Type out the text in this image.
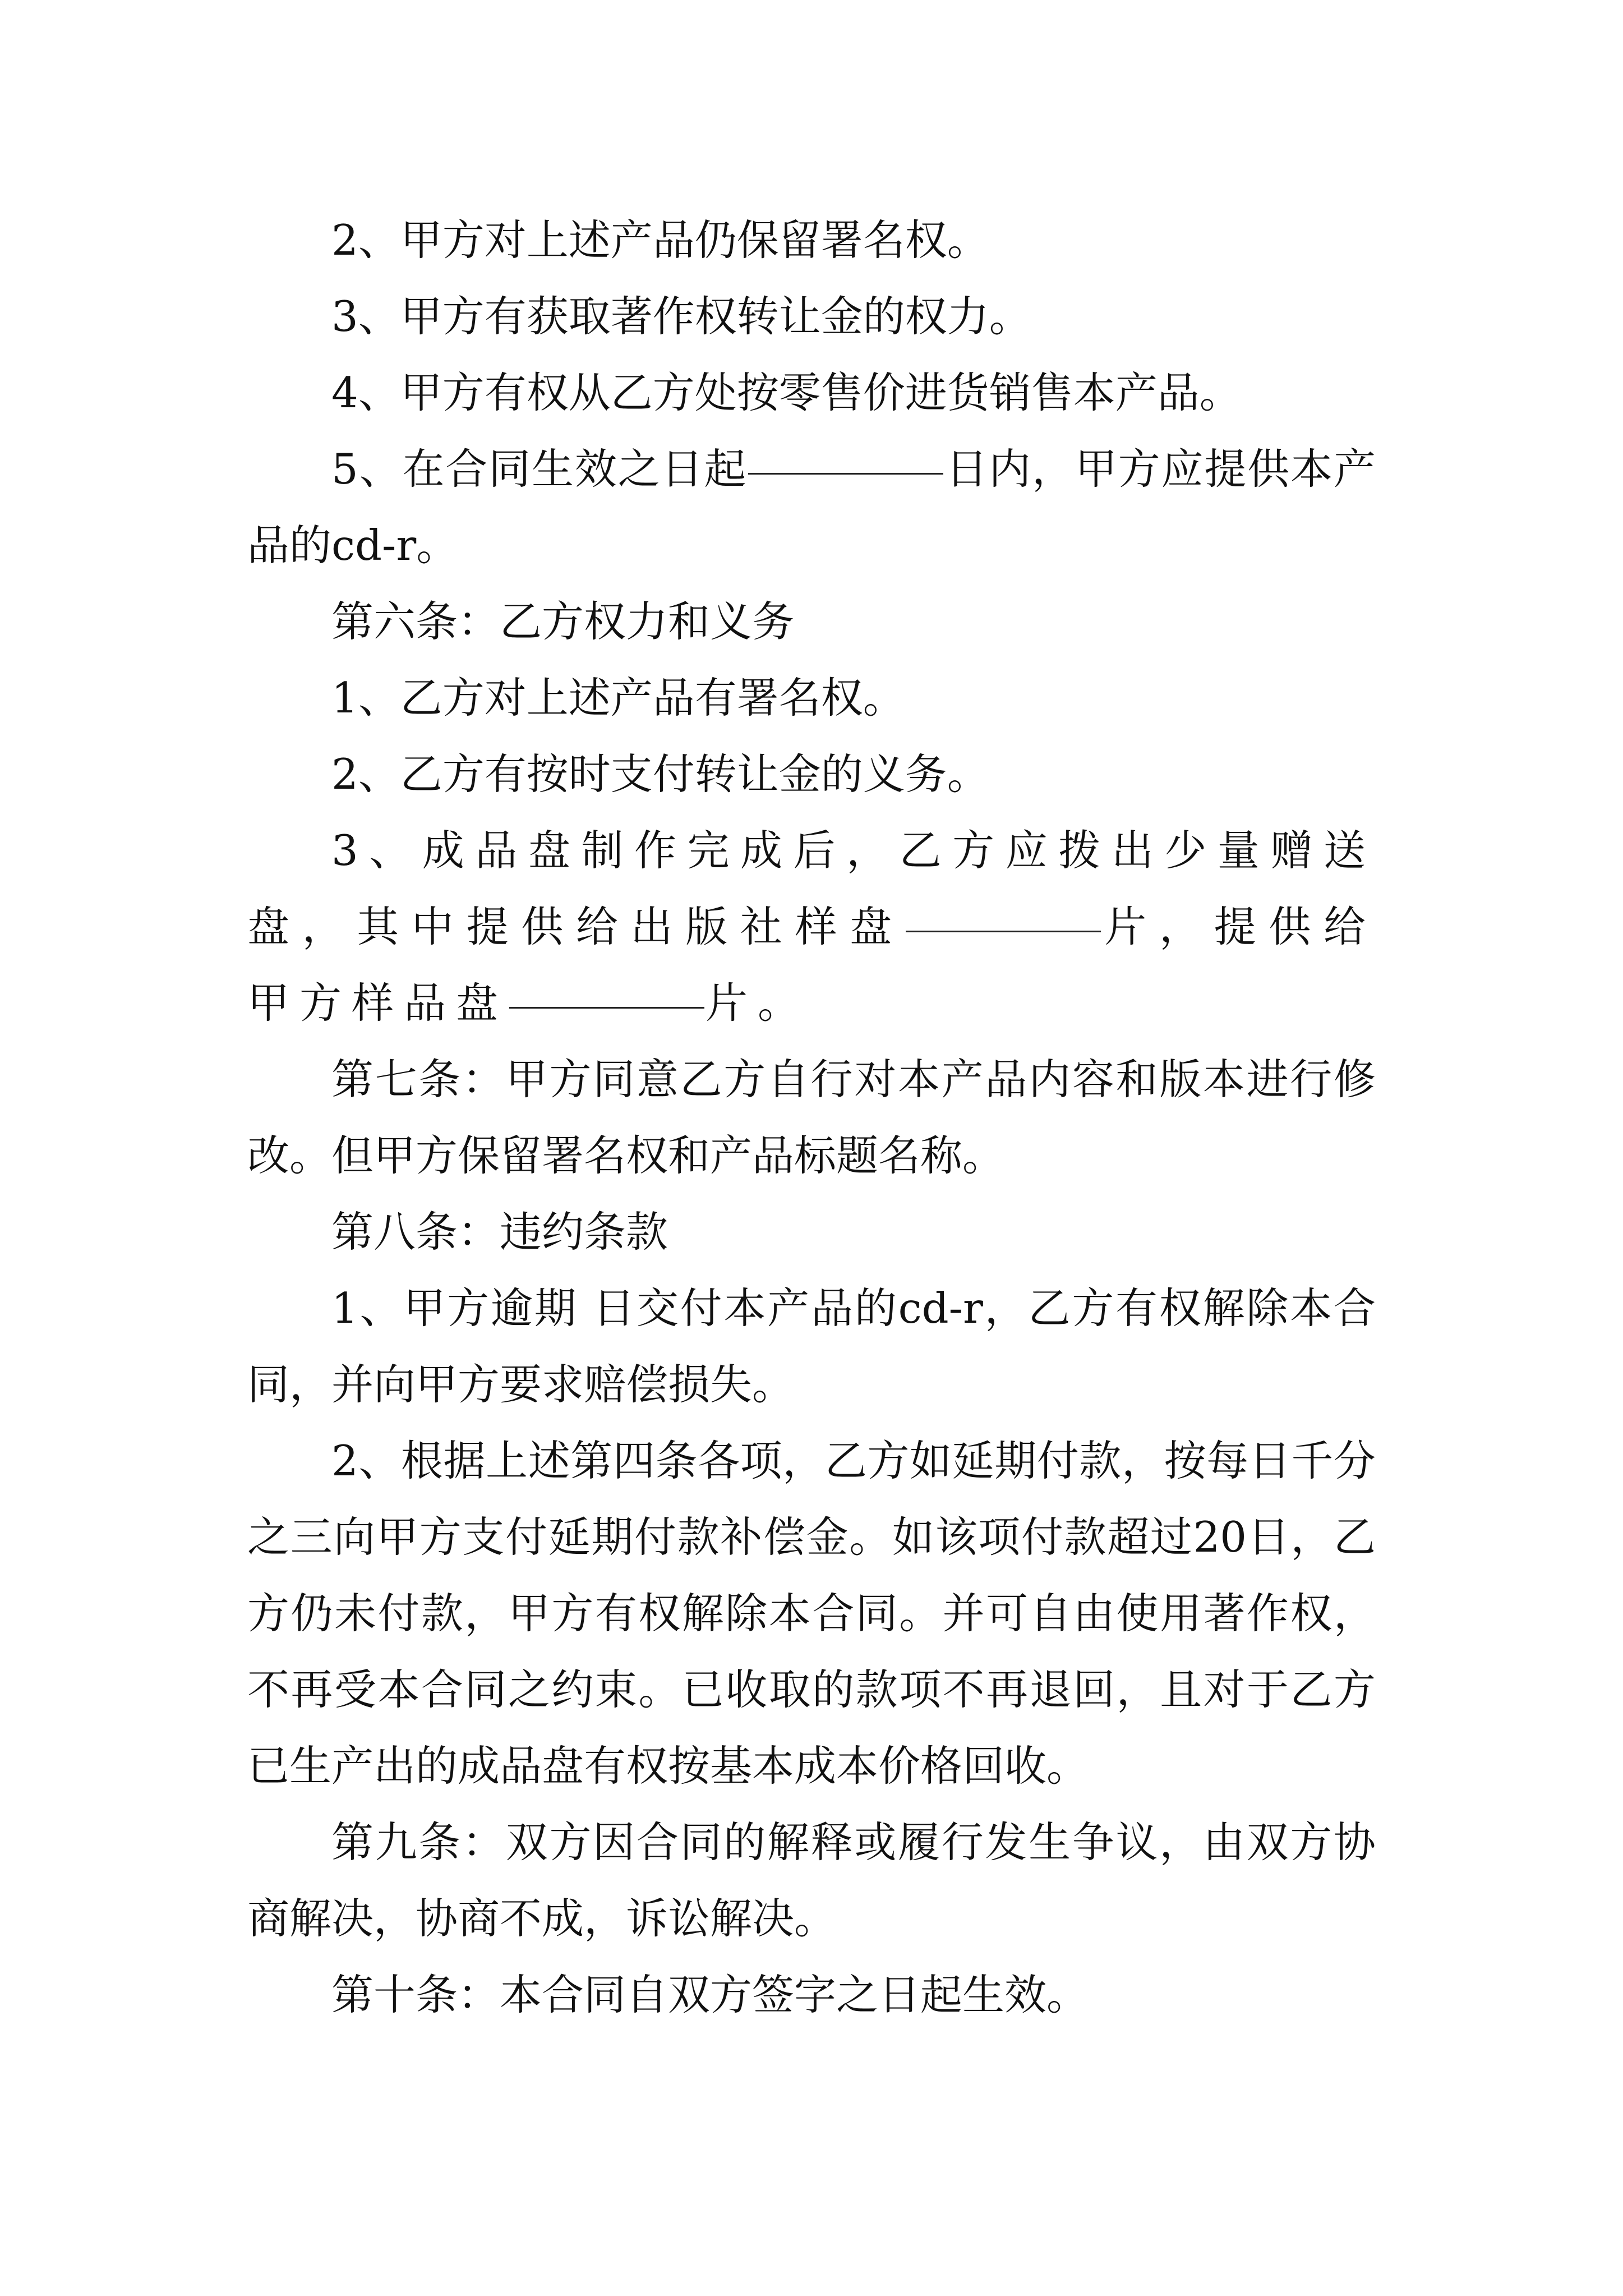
2、甲方对上述产品仍保留署名权。

3、甲方有获取著作权转让金的权力。

4、甲方有权从乙方处按零售价进货销售本产品。

5、在合同生效之日起	日内，甲方应提供本产品的cd-r。

第六条：乙方权力和义务

1、乙方对上述产品有署名权。

2、乙方有按时支付转让金的义务。

3、成品盘制作完成后，乙方应拨出少量赠送盘，其中提供给出版社样盘	片，提供给甲方样品盘	片。

第七条：甲方同意乙方自行对本产品内容和版本进行修改。但甲方保留署名权和产品标题名称。

第八条：违约条款

1、甲方逾期 日交付本产品的cd-r，乙方有权解除本合同，并向甲方要求赔偿损失。

2、根据上述第四条各项，乙方如延期付款，按每日千分之三向甲方支付延期付款补偿金。如该项付款超过20日，乙方仍未付款，甲方有权解除本合同。并可自由使用著作权，不再受本合同之约束。已收取的款项不再退回，且对于乙方已生产出的成品盘有权按基本成本价格回收。

第九条：双方因合同的解释或履行发生争议，由双方协商解决，协商不成，诉讼解决。

第十条：本合同自双方签字之日起生效。
